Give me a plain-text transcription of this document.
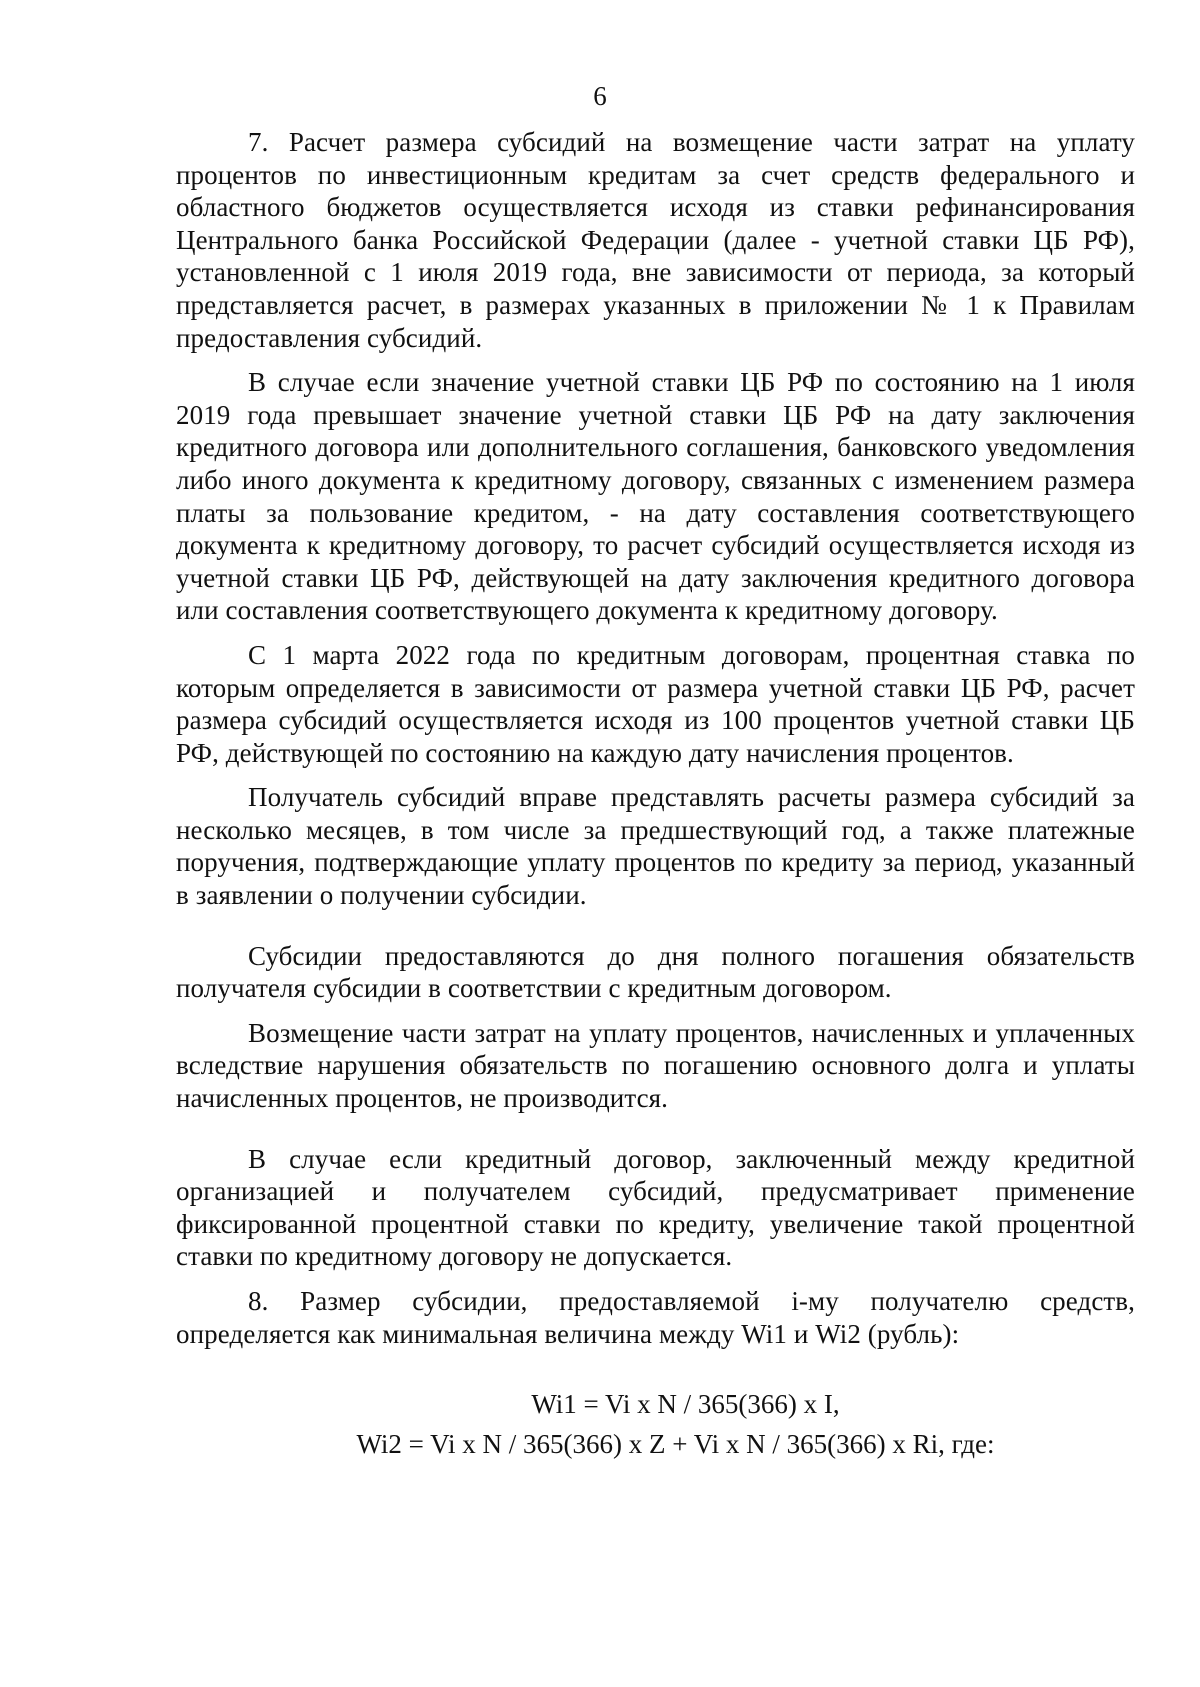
6

7. Расчет размера субсидий на возмещение части затрат на уплату процентов по инвестиционным кредитам за счет средств федерального и областного бюджетов осуществляется исходя из ставки рефинансирования Центрального банка Российской Федерации (далее - учетной ставки ЦБ РФ), установленной с 1 июля 2019 года, вне зависимости от периода, за который представляется расчет, в размерах указанных в приложении № 1 к Правилам предоставления субсидий.

В случае если значение учетной ставки ЦБ РФ по состоянию на 1 июля 2019 года превышает значение учетной ставки ЦБ РФ на дату заключения кредитного договора или дополнительного соглашения, банковского уведомления либо иного документа к кредитному договору, связанных с изменением размера платы за пользование кредитом, - на дату составления соответствующего документа к кредитному договору, то расчет субсидий осуществляется исходя из учетной ставки ЦБ РФ, действующей на дату заключения кредитного договора или составления соответствующего документа к кредитному договору.

С 1 марта 2022 года по кредитным договорам, процентная ставка по которым определяется в зависимости от размера учетной ставки ЦБ РФ, расчет размера субсидий осуществляется исходя из 100 процентов учетной ставки ЦБ РФ, действующей по состоянию на каждую дату начисления процентов.

Получатель субсидий вправе представлять расчеты размера субсидий за несколько месяцев, в том числе за предшествующий год, а также платежные поручения, подтверждающие уплату процентов по кредиту за период, указанный в заявлении о получении субсидии.

Субсидии предоставляются до дня полного погашения обязательств получателя субсидии в соответствии с кредитным договором.

Возмещение части затрат на уплату процентов, начисленных и уплаченных вследствие нарушения обязательств по погашению основного долга и уплаты начисленных процентов, не производится.

В случае если кредитный договор, заключенный между кредитной организацией и получателем субсидий, предусматривает применение фиксированной процентной ставки по кредиту, увеличение такой процентной ставки по кредитному договору не допускается.

8. Размер субсидии, предоставляемой i-му получателю средств, определяется как минимальная величина между Wi1 и Wi2 (рубль):

Wi1 = Vi x N / 365(366) x I,

Wi2 = Vi x N / 365(366) x Z + Vi x N / 365(366) x Ri, где:
